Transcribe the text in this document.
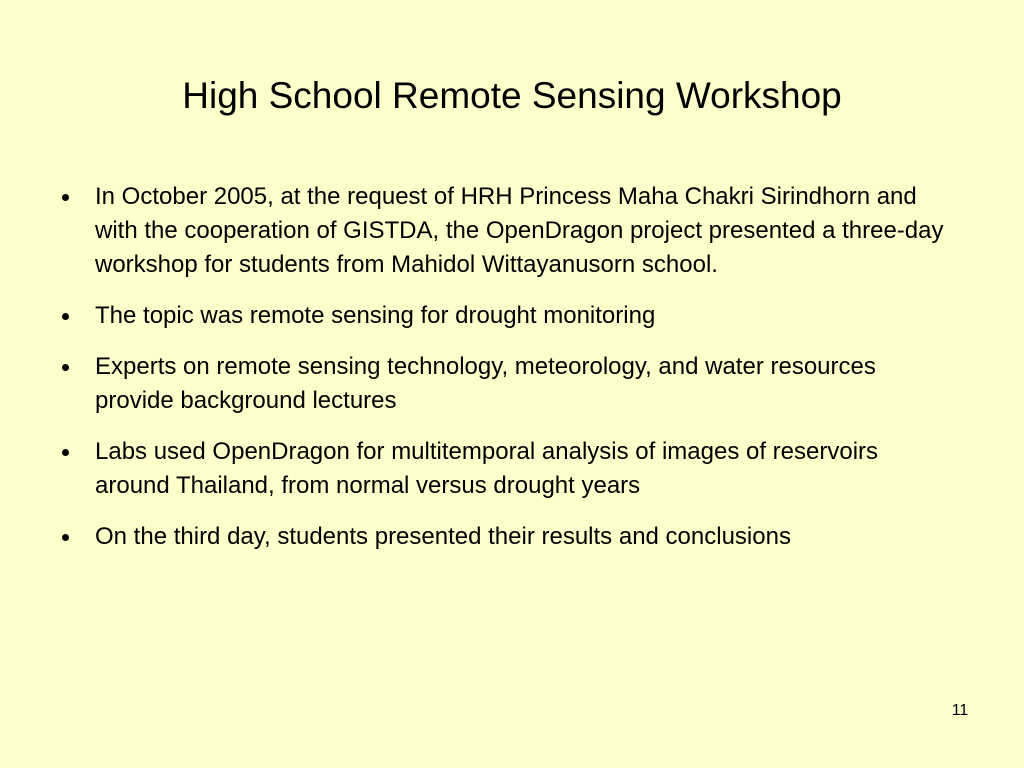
High School Remote Sensing Workshop
In October 2005, at the request of HRH Princess Maha Chakri Sirindhorn and with the cooperation of GISTDA, the OpenDragon project presented a three-day workshop for students from Mahidol Wittayanusorn school.
The topic was remote sensing for drought monitoring
Experts on remote sensing technology, meteorology, and water resources provide background lectures
Labs used OpenDragon for multitemporal analysis of images of reservoirs around Thailand, from normal versus drought years
On the third day, students presented their results and conclusions
11
